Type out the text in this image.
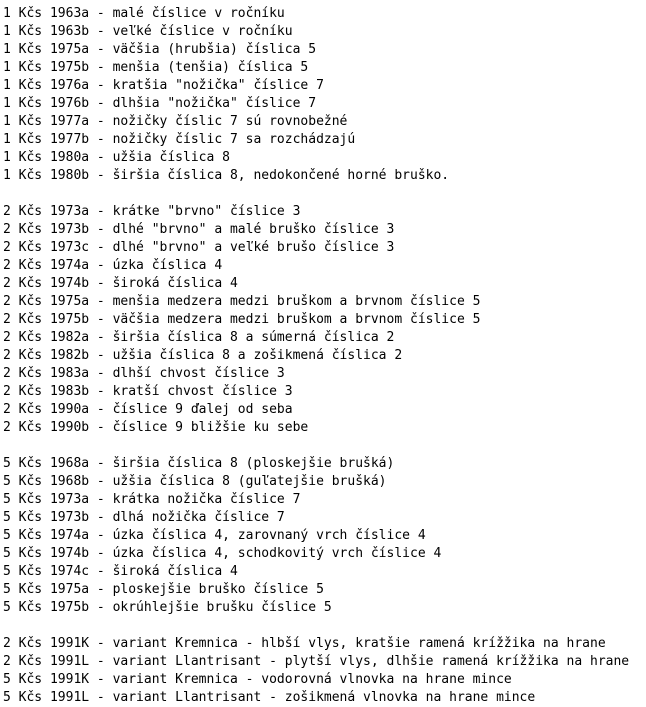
1 Kčs 1963a - malé číslice v ročníku
1 Kčs 1963b - veľké číslice v ročníku
1 Kčs 1975a - väčšia (hrubšia) číslica 5
1 Kčs 1975b - menšia (tenšia) číslica 5
1 Kčs 1976a - kratšia "nožička" číslice 7
1 Kčs 1976b - dlhšia "nožička" číslice 7
1 Kčs 1977a - nožičky číslic 7 sú rovnobežné
1 Kčs 1977b - nožičky číslic 7 sa rozchádzajú
1 Kčs 1980a - užšia číslica 8
1 Kčs 1980b - širšia číslica 8, nedokončené horné bruško.
2 Kčs 1973a - krátke "brvno" číslice 3
2 Kčs 1973b - dlhé "brvno" a malé bruško číslice 3
2 Kčs 1973c - dlhé "brvno" a veľké brušo číslice 3
2 Kčs 1974a - úzka číslica 4
2 Kčs 1974b - široká číslica 4
2 Kčs 1975a - menšia medzera medzi bruškom a brvnom číslice 5
2 Kčs 1975b - väčšia medzera medzi bruškom a brvnom číslice 5
2 Kčs 1982a - širšia číslica 8 a súmerná číslica 2
2 Kčs 1982b - užšia číslica 8 a zošikmená číslica 2
2 Kčs 1983a - dlhší chvost číslice 3
2 Kčs 1983b - kratší chvost číslice 3
2 Kčs 1990a - číslice 9 ďalej od seba
2 Kčs 1990b - číslice 9 bližšie ku sebe
5 Kčs 1968a - širšia číslica 8 (ploskejšie brušká)
5 Kčs 1968b - užšia číslica 8 (guľatejšie brušká)
5 Kčs 1973a - krátka nožička číslice 7
5 Kčs 1973b - dlhá nožička číslice 7
5 Kčs 1974a - úzka číslica 4, zarovnaný vrch číslice 4
5 Kčs 1974b - úzka číslica 4, schodkovitý vrch číslice 4
5 Kčs 1974c - široká číslica 4
5 Kčs 1975a - ploskejšie bruško číslice 5
5 Kčs 1975b - okrúhlejšie brušku číslice 5
2 Kčs 1991K - variant Kremnica - hlbší vlys, kratšie ramená krížžika na hrane
2 Kčs 1991L - variant Llantrisant - plytší vlys, dlhšie ramená krížžika na hrane
5 Kčs 1991K - variant Kremnica - vodorovná vlnovka na hrane mince
5 Kčs 1991L - variant Llantrisant - zošikmená vlnovka na hrane mince
